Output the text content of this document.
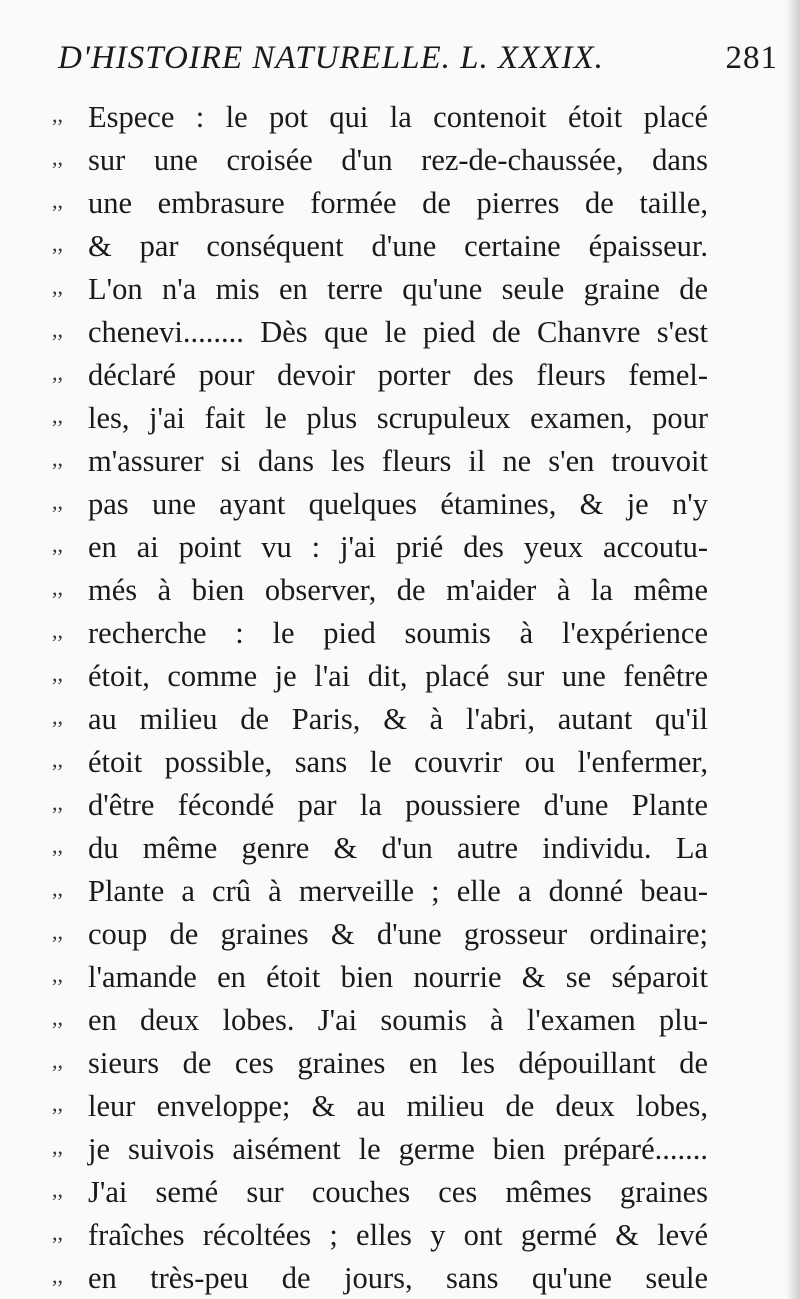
D'HISTOIRE NATURELLE. L. XXXIX.	281
,, Espece : le pot qui la contenoit étoit placé
,, sur une croisée d'un rez-de-chaussée, dans
,, une embrasure formée de pierres de taille,
,, & par conséquent d'une certaine épaisseur.
,, L'on n'a mis en terre qu'une seule graine de
,, chenevi........ Dès que le pied de Chanvre s'est
,, déclaré pour devoir porter des fleurs femel-
,, les, j'ai fait le plus scrupuleux examen, pour
,, m'assurer si dans les fleurs il ne s'en trouvoit
,, pas une ayant quelques étamines, & je n'y
,, en ai point vu : j'ai prié des yeux accoutu-
,, més à bien observer, de m'aider à la même
,, recherche : le pied soumis à l'expérience
,, étoit, comme je l'ai dit, placé sur une fenêtre
,, au milieu de Paris, & à l'abri, autant qu'il
,, étoit possible, sans le couvrir ou l'enfermer,
,, d'être fécondé par la poussiere d'une Plante
,, du même genre & d'un autre individu. La
,, Plante a crû à merveille ; elle a donné beau-
,, coup de graines & d'une grosseur ordinaire;
,, l'amande en étoit bien nourrie & se séparoit
,, en deux lobes. J'ai soumis à l'examen plu-
,, sieurs de ces graines en les dépouillant de
,, leur enveloppe; & au milieu de deux lobes,
,, je suivois aisément le germe bien préparé.......
,, J'ai semé sur couches ces mêmes graines
,, fraîches récoltées ; elles y ont germé & levé
,, en très-peu de jours, sans qu'une seule
